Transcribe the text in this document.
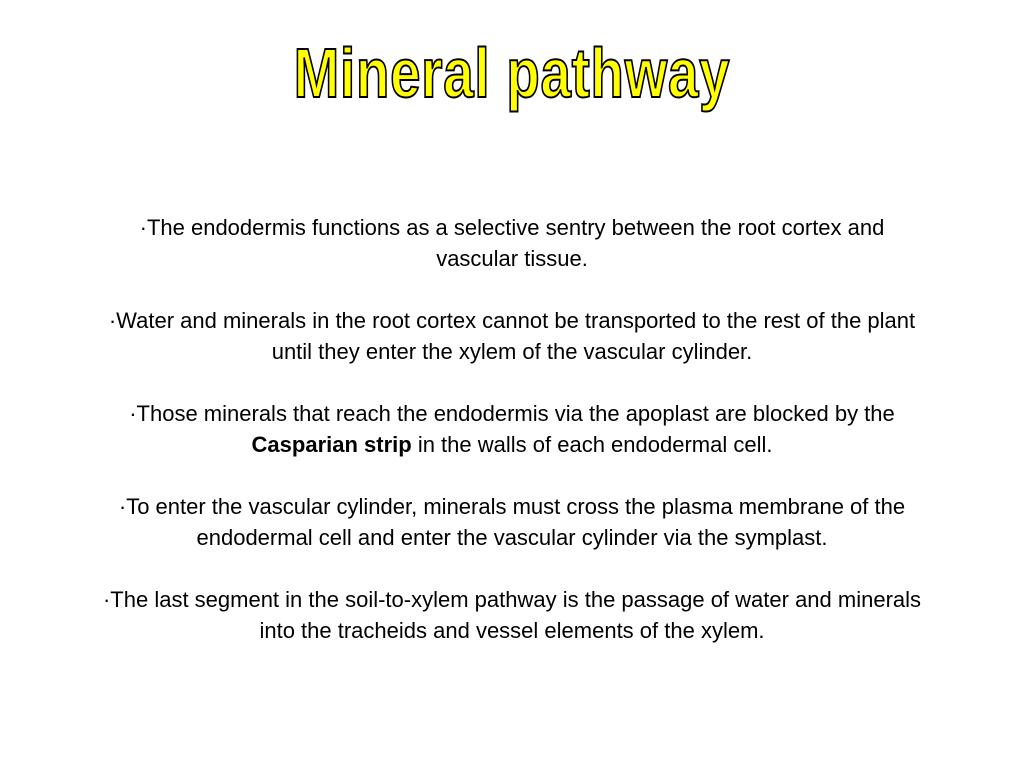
Mineral pathway

·The endodermis functions as a selective sentry between the root cortex and vascular tissue.

·Water and minerals in the root cortex cannot be transported to the rest of the plant until they enter the xylem of the vascular cylinder.

·Those minerals that reach the endodermis via the apoplast are blocked by the Casparian strip in the walls of each endodermal cell.

·To enter the vascular cylinder, minerals must cross the plasma membrane of the endodermal cell and enter the vascular cylinder via the symplast.

·The last segment in the soil-to-xylem pathway is the passage of water and minerals into the tracheids and vessel elements of the xylem.
